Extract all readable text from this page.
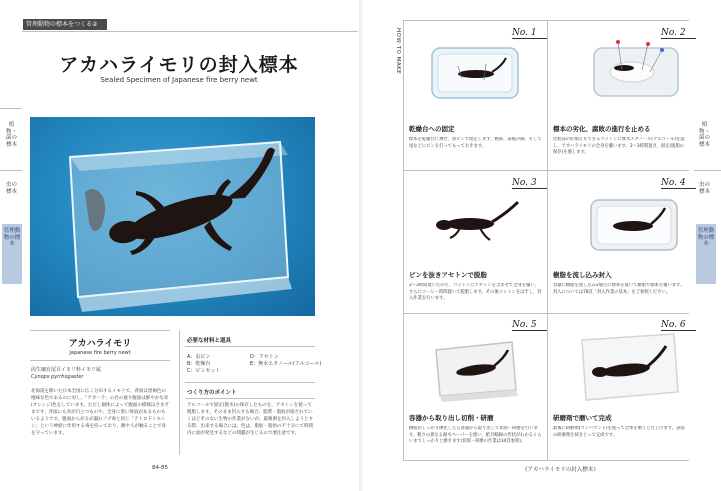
管理動物の標本をつくる②
アカハライモリの封入標本
Sealed Specimen of Japanese fire berry newt
植物・菌の標本
虫の標本
管理動物の標本
アカハライモリ
Japanese fire berry newt
両生綱有尾目イモリ科イモリ属
Cynops pyrrhogaster
北海道を除いた日本全国に広く分布するイモリで、背面は黒褐色の地味な色であるのに対し、「アカハラ」の名の通り腹面は鮮やかな赤(オレンジ)色をしています。ただし個体によって腹面の模様はさまざまです。背面にも赤が目立つものや、全身に黒い斑紋があるものもいるようです。腹面からがるが漏れフグ毒と同じ「テトロドトキシン」という神経に作用する毒を持っており、敵や人が触ることで身を守っています。
必要な材料と道具
A：虫ピン
B：乾燥台
C：ピンセット
D：アセトン
E：無水エタノール(アルコール)
つくり方のポイント
アルコールで固定(脱水)の保存したものを、アセトンを使って脱脂します。そのまま封入する場合、脂質・脂肪が崩されていくほどそのない生物の作業がないが、最後剤を封入しようとする際、出来する場合には、色は、脂肪・脂肪の不十分にて時間内に油が発見するなどの問題が生じるので要注意です。
84-85
HOW TO MAKE
植物・菌の標本
虫の標本
管理動物の標本
No. 1
乾燥台への固定
標本を乾燥台に乗せ、虫ピンで固定します。腕部、前後の脚、そして尾などにピンを打ってもっておきます。
No. 2
標本の劣化、腐敗の進行を止める
化粧品の肝類えもできるコットンに無水エタノール(アルコール)を湿し、アカハライモリの全身を覆います。2〜3時間置き、固定(脱脂の保存)を施します。
No. 3
ピンを抜きアセトンで脱脂
2〜3時間置いたのち、コットンにアセトンを含ませて全身を覆い、さらにコーヒー時間置いて脱脂します。その後コットンをはずし、封入作業を行います。
No. 4
樹脂を流し込み封入
容器に樹脂を流し込み2層目に標本を置いて樹脂で標本を覆います。封入については78頁「封入作業の基本」をご参照ください。
No. 5
容器から取り出し切削・研磨
樹脂がしっかり硬化したら容器から取り出して切削・研磨を行います。粗さの異なる耐水ペーパーを使い、紙目幅線の形状がわかるくらいまでしっかりと磨きます(切削・研磨の作業は34頁参照)。
No. 6
研磨剤で磨いて完成
最後に研磨剤(コンパウンド)を使って全体を磨くと仕上げます。表面の研磨剤を拭きとって完成です。
《アカハライモリの封入標本》
